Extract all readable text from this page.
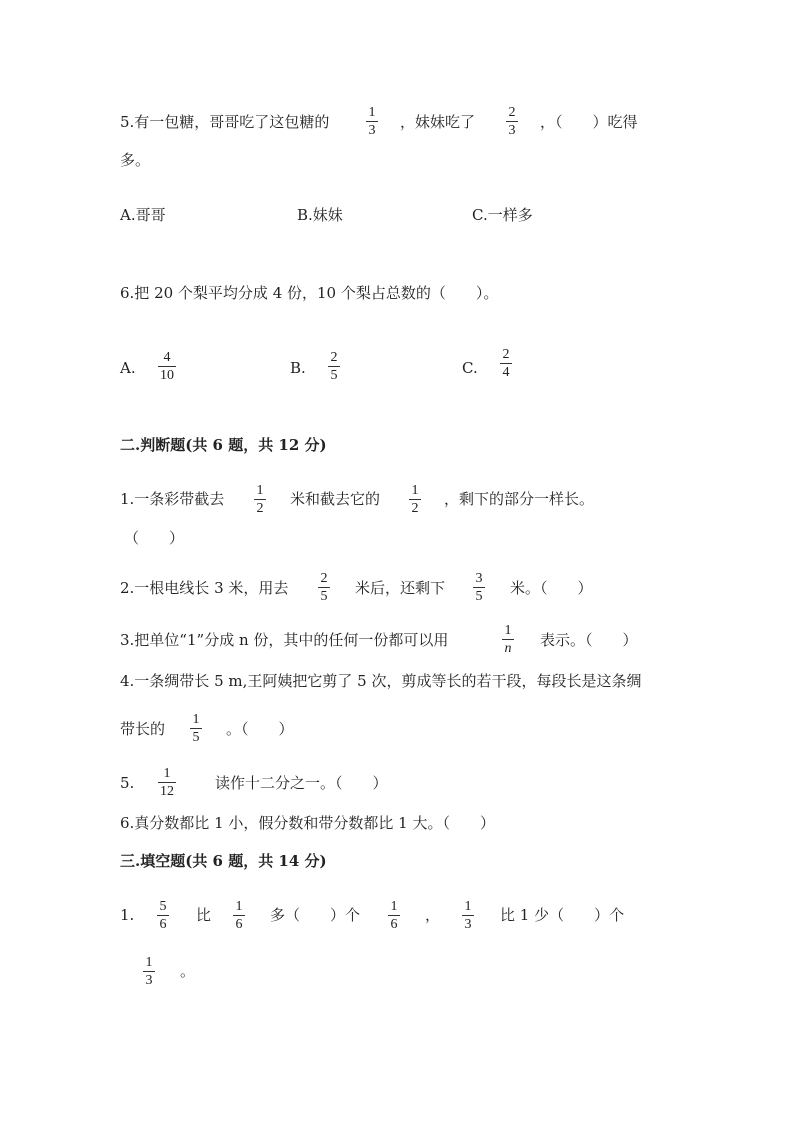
5.有一包糖，哥哥吃了这包糖的
1
3 ，妹妹吃了
2
3 ，（　　）吃得
多。
A.哥哥	B.妹妹	C.一样多
6.把 20 个梨平均分成 4 份，10 个梨占总数的（　　）。
A.
4
10	B.
2
5	C.
2
4
二.判断题(共 6 题，共 12 分)
1.一条彩带截去 1
2
米和截去它的 1
2
，剩下的部分一样长。
（　　）
2.一根电线长 3 米，用去
2
5 米后，还剩下
3
5 米。（　　）
3.把单位“1”分成 n 份，其中的任何一份都可以用
1
n 表示。（　　）
4.一条绸带长 5 m,王阿姨把它剪了 5 次，剪成等长的若干段，每段长是这条绸
带长的
1
5 。（　　）
5.
1
12	读作十二分之一。（　　）
6.真分数都比 1 小，假分数和带分数都比 1 大。（　　）
三.填空题(共 6 题，共 14 分)
1. 5
6
比 1
6
多（　　）个 1
6
， 1
3
比 1 少（　　）个
1
3
。
